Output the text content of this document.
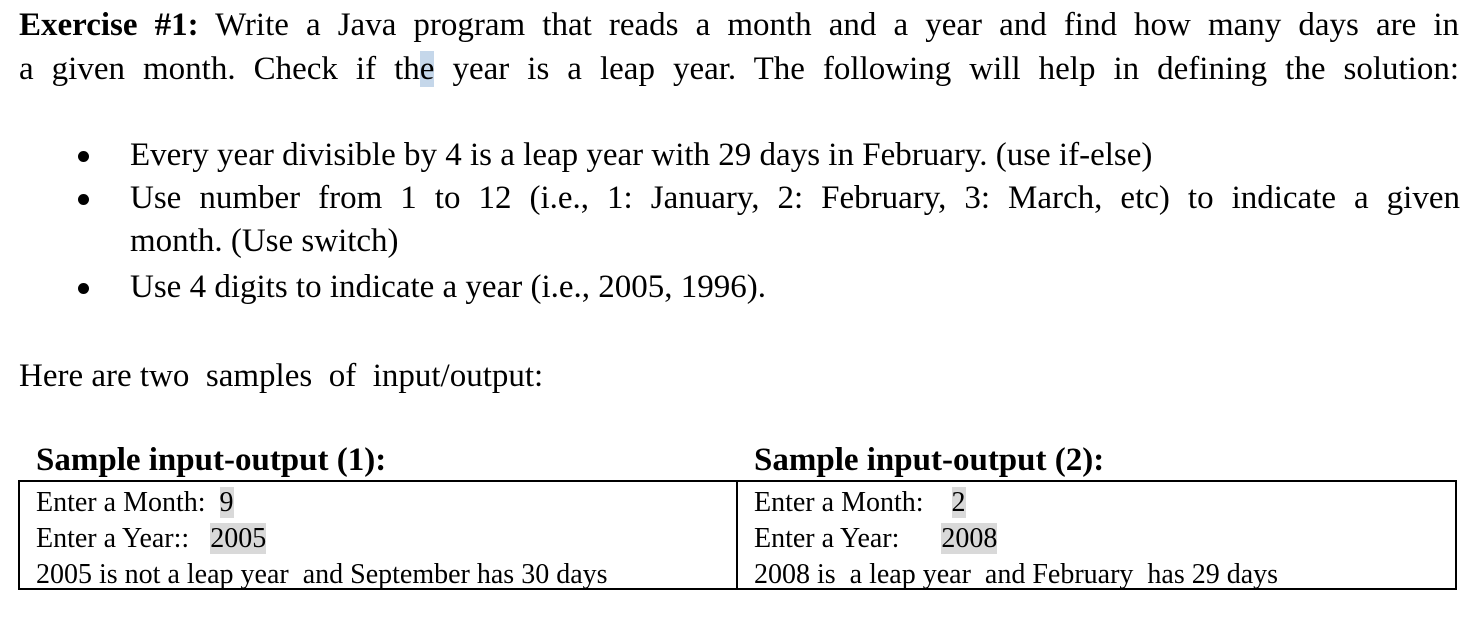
Exercise #1: Write a Java program that reads a month and a year and find how many days are in
a given month. Check if the year is a leap year. The following will help in defining the solution:

Every year divisible by 4 is a leap year with 29 days in February. (use if-else)
Use number from 1 to 12 (i.e., 1: January, 2: February, 3: March, etc) to indicate a given
month. (Use switch)
Use 4 digits to indicate a year (i.e., 2005, 1996).

Here are two  samples  of  input/output:

Sample input-output (1):	Sample input-output (2):

Enter a Month:  9
Enter a Year::   2005
2005 is not a leap year  and September has 30 days
Enter a Month:    2
Enter a Year:      2008
2008 is  a leap year  and February  has 29 days
